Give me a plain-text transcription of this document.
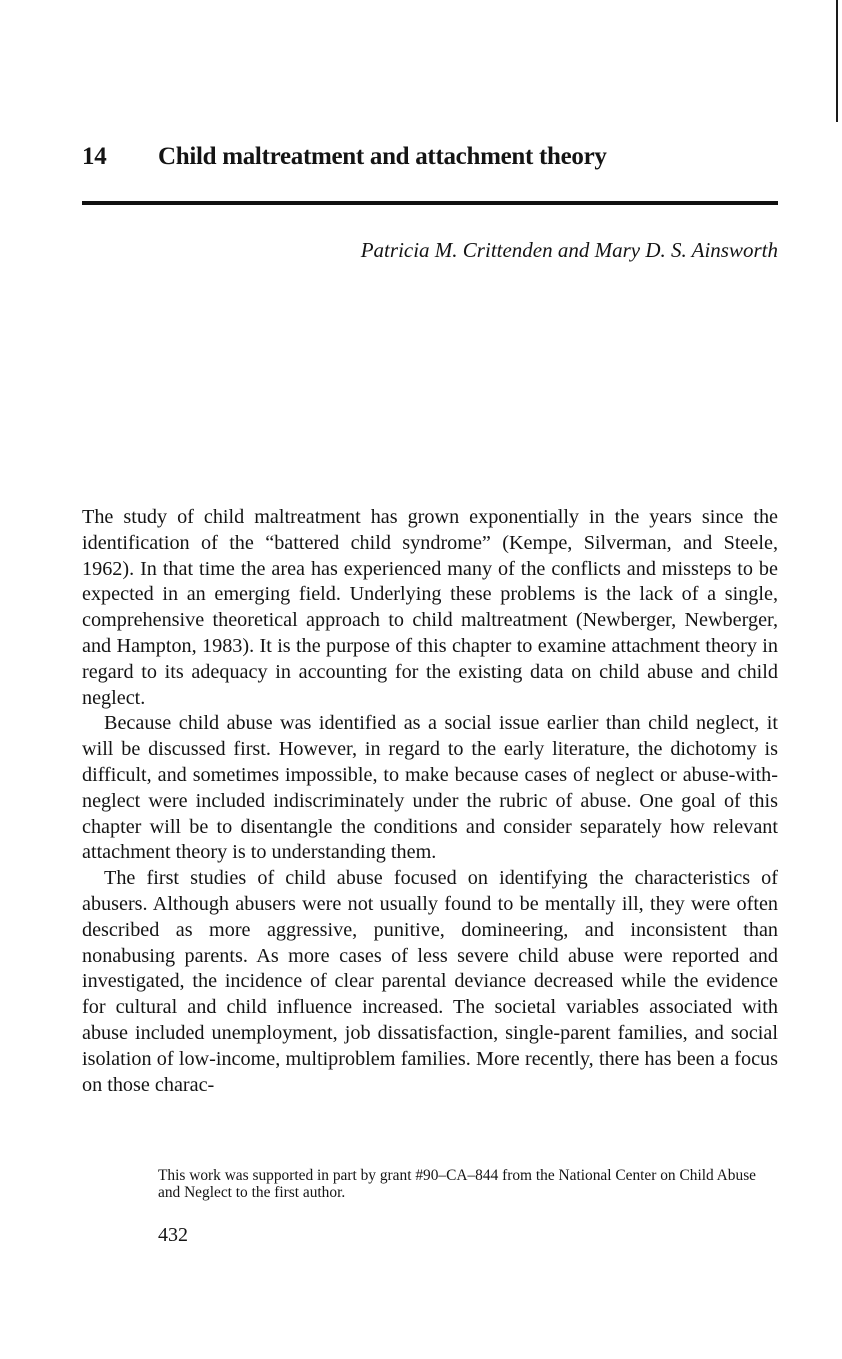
14 Child maltreatment and attachment theory
Patricia M. Crittenden and Mary D. S. Ainsworth

The study of child maltreatment has grown exponentially in the years since the identification of the “battered child syndrome” (Kempe, Silverman, and Steele, 1962). In that time the area has experienced many of the conflicts and missteps to be expected in an emerging field. Underlying these problems is the lack of a single, comprehensive theoretical approach to child maltreatment (Newberger, Newberger, and Hampton, 1983). It is the purpose of this chapter to examine attachment theory in regard to its adequacy in accounting for the existing data on child abuse and child neglect.

Because child abuse was identified as a social issue earlier than child neglect, it will be discussed first. However, in regard to the early literature, the dichotomy is difficult, and sometimes impossible, to make because cases of neglect or abuse-with-neglect were included indiscriminately under the rubric of abuse. One goal of this chapter will be to disentangle the conditions and consider separately how relevant attachment theory is to understanding them.

The first studies of child abuse focused on identifying the characteristics of abusers. Although abusers were not usually found to be mentally ill, they were often described as more aggressive, punitive, domineering, and inconsistent than nonabusing parents. As more cases of less severe child abuse were reported and investigated, the incidence of clear parental deviance decreased while the evidence for cultural and child influence increased. The societal variables associated with abuse included unemployment, job dissatisfaction, single-parent families, and social isolation of low-income, multiproblem families. More recently, there has been a focus on those charac-

This work was supported in part by grant #90–CA–844 from the National Center on Child Abuse and Neglect to the first author.
432
